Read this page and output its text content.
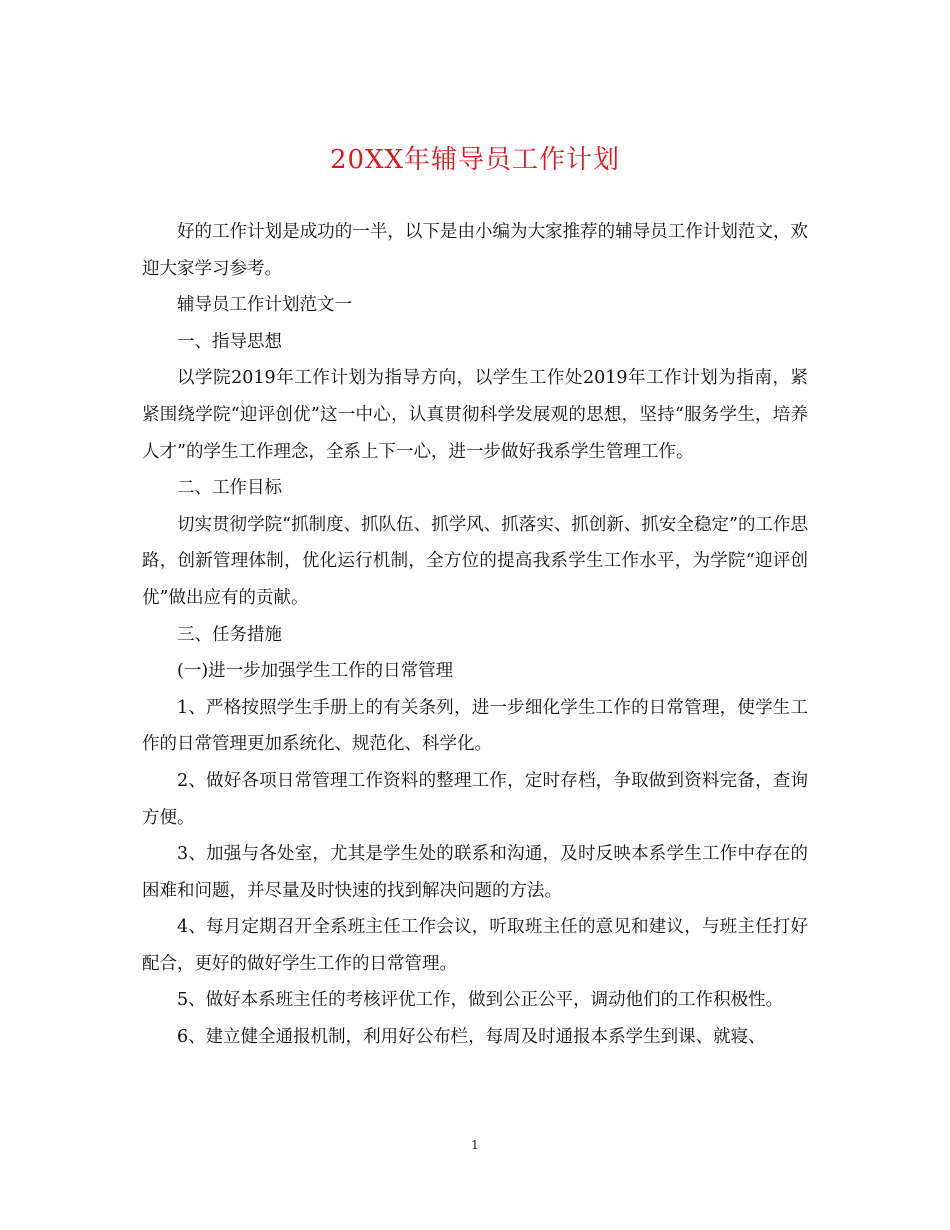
20XX年辅导员工作计划

好的工作计划是成功的一半，以下是由小编为大家推荐的辅导员工作计划范文，欢迎大家学习参考。

辅导员工作计划范文一

一、指导思想

以学院2019年工作计划为指导方向，以学生工作处2019年工作计划为指南，紧紧围绕学院“迎评创优”这一中心，认真贯彻科学发展观的思想，坚持“服务学生，培养人才”的学生工作理念，全系上下一心，进一步做好我系学生管理工作。

二、工作目标

切实贯彻学院“抓制度、抓队伍、抓学风、抓落实、抓创新、抓安全稳定”的工作思路，创新管理体制，优化运行机制，全方位的提高我系学生工作水平，为学院“迎评创优”做出应有的贡献。

三、任务措施

(一)进一步加强学生工作的日常管理

1、严格按照学生手册上的有关条列，进一步细化学生工作的日常管理，使学生工作的日常管理更加系统化、规范化、科学化。

2、做好各项日常管理工作资料的整理工作，定时存档，争取做到资料完备，查询方便。

3、加强与各处室，尤其是学生处的联系和沟通，及时反映本系学生工作中存在的困难和问题，并尽量及时快速的找到解决问题的方法。

4、每月定期召开全系班主任工作会议，听取班主任的意见和建议，与班主任打好配合，更好的做好学生工作的日常管理。

5、做好本系班主任的考核评优工作，做到公正公平，调动他们的工作积极性。

6、建立健全通报机制，利用好公布栏，每周及时通报本系学生到课、就寝、

1
